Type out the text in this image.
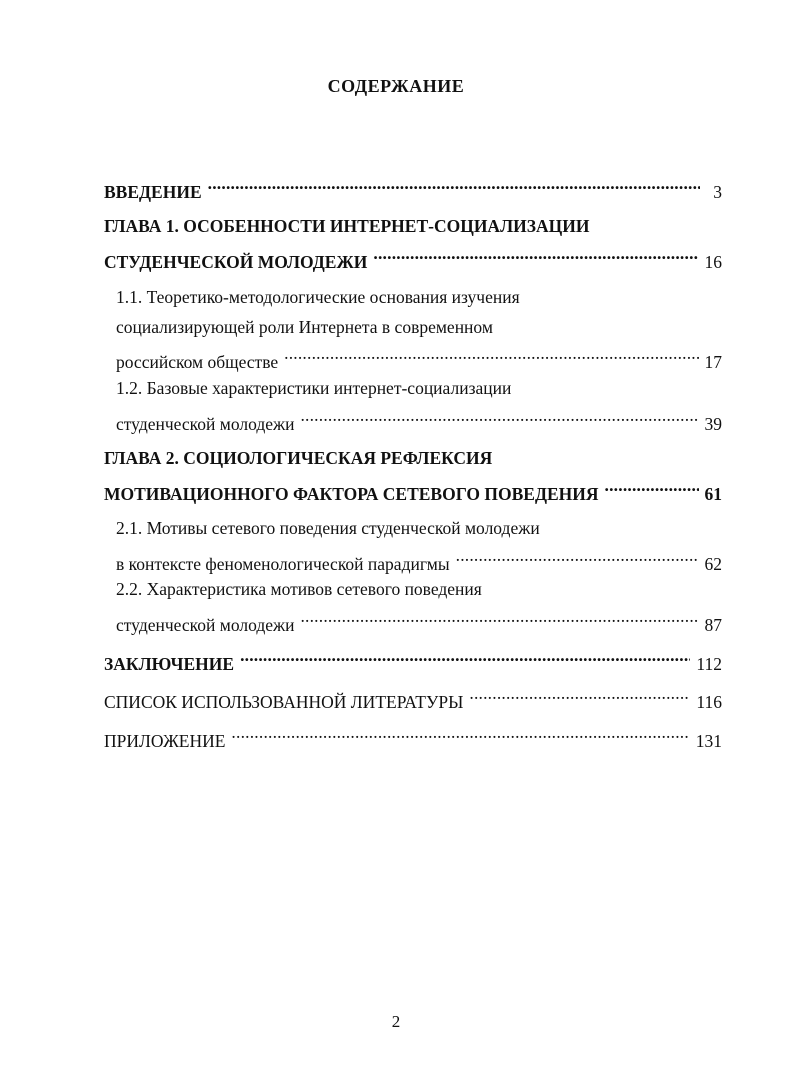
СОДЕРЖАНИЕ
ВВЕДЕНИЕ .....	3
ГЛАВА 1. ОСОБЕННОСТИ ИНТЕРНЕТ-СОЦИАЛИЗАЦИИ
СТУДЕНЧЕСКОЙ МОЛОДЕЖИ .....	16
1.1. Теоретико-методологические основания изучения
социализирующей роли Интернета в современном
российском обществе .....	17
1.2. Базовые характеристики интернет-социализации
студенческой молодежи .....	39
ГЛАВА 2. СОЦИОЛОГИЧЕСКАЯ РЕФЛЕКСИЯ
МОТИВАЦИОННОГО ФАКТОРА СЕТЕВОГО ПОВЕДЕНИЯ .....	61
2.1. Мотивы сетевого поведения студенческой молодежи
в контексте феноменологической парадигмы .....	62
2.2. Характеристика мотивов сетевого поведения
студенческой молодежи .....	87
ЗАКЛЮЧЕНИЕ .....	112
СПИСОК ИСПОЛЬЗОВАННОЙ ЛИТЕРАТУРЫ .....	116
ПРИЛОЖЕНИЕ .....	131
2
